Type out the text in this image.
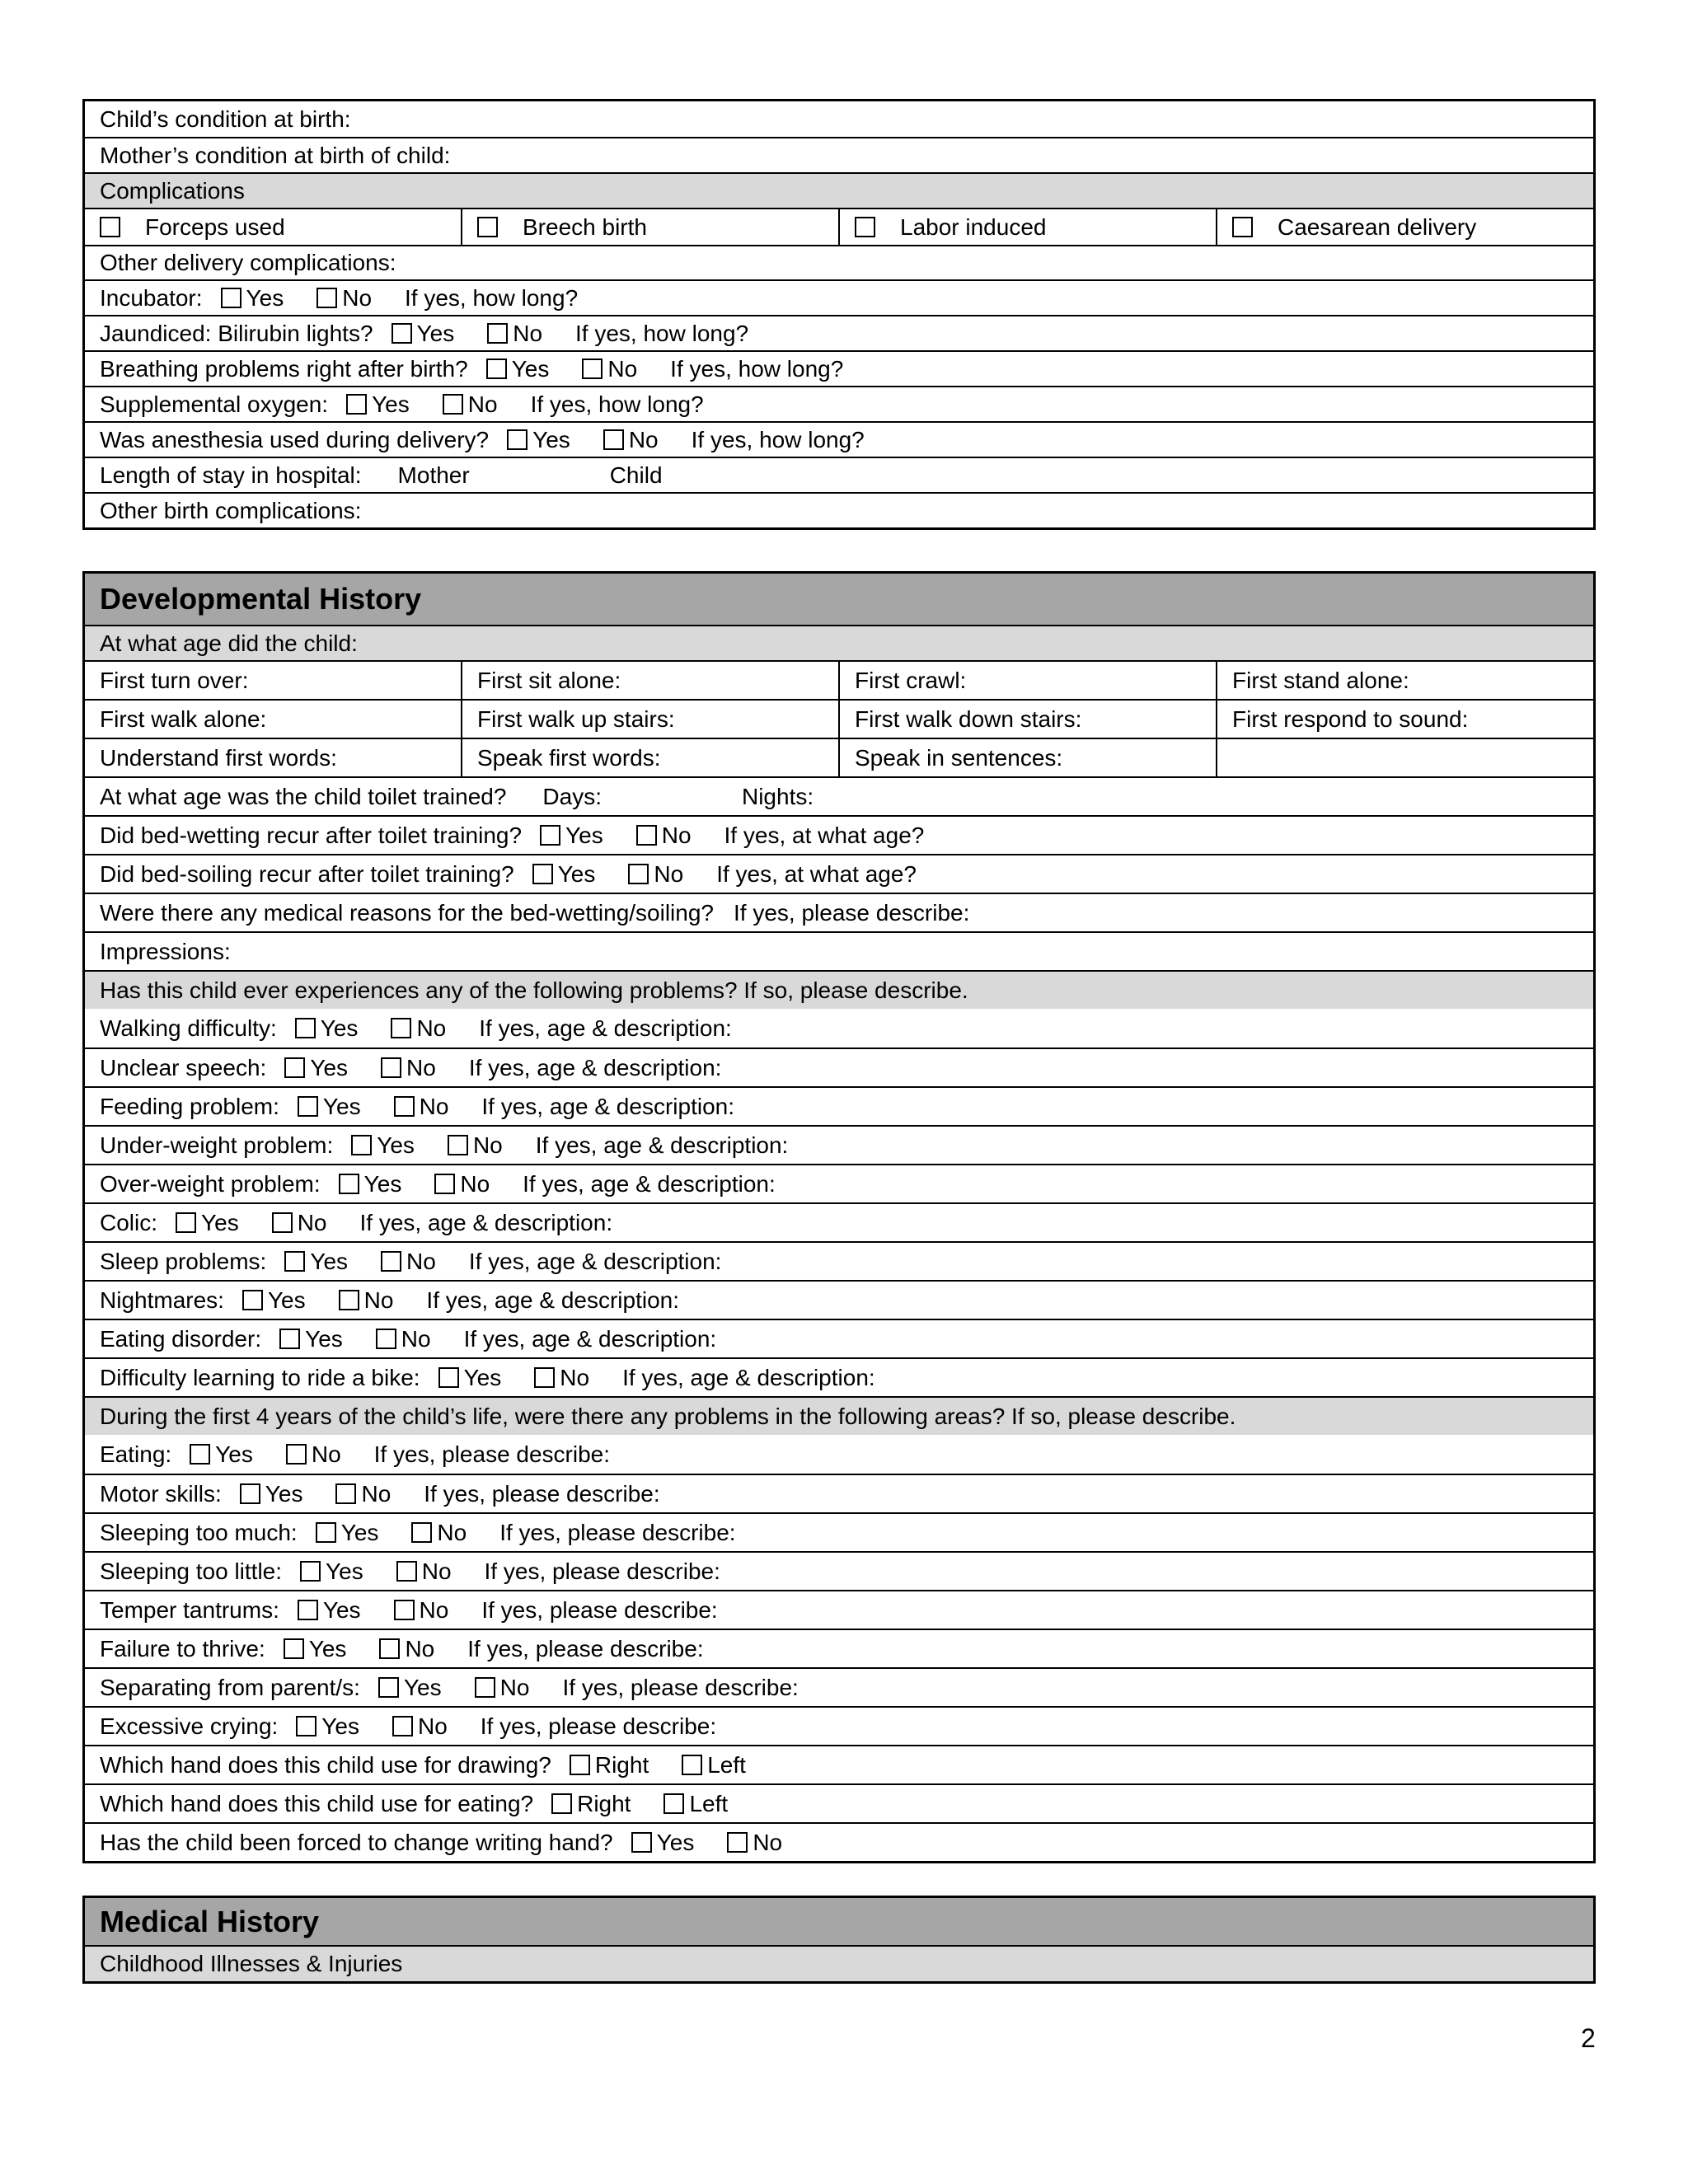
Child’s condition at birth:
Mother’s condition at birth of child:
Complications
Forceps used	Breech birth	Labor induced	Caesarean delivery
Other delivery complications:
Incubator: Yes	No If yes, how long?
Jaundiced: Bilirubin lights? Yes	No If yes, how long?
Breathing problems right after birth? Yes	No If yes, how long?
Supplemental oxygen: Yes	No If yes, how long?
Was anesthesia used during delivery? Yes	No If yes, how long?
Length of stay in hospital: Mother	Child
Other birth complications:
Developmental History
At what age did the child:
First turn over:	First sit alone:	First crawl:	First stand alone:
First walk alone:	First walk up stairs:	First walk down stairs:	First respond to sound:
Understand first words:	Speak first words:	Speak in sentences:
At what age was the child toilet trained? Days:	Nights:
Did bed-wetting recur after toilet training? Yes	No If yes, at what age?
Did bed-soiling recur after toilet training? Yes	No If yes, at what age?
Were there any medical reasons for the bed-wetting/soiling? If yes, please describe:
Impressions:
Has this child ever experiences any of the following problems? If so, please describe.
Walking difficulty: Yes	No If yes, age & description:
Unclear speech: Yes	No If yes, age & description:
Feeding problem: Yes	No If yes, age & description:
Under-weight problem: Yes	No If yes, age & description:
Over-weight problem: Yes	No If yes, age & description:
Colic: Yes	No If yes, age & description:
Sleep problems: Yes	No If yes, age & description:
Nightmares: Yes	No If yes, age & description:
Eating disorder: Yes	No If yes, age & description:
Difficulty learning to ride a bike: Yes	No If yes, age & description:
During the first 4 years of the child’s life, were there any problems in the following areas? If so, please describe.
Eating: Yes	No If yes, please describe:
Motor skills: Yes	No If yes, please describe:
Sleeping too much: Yes	No If yes, please describe:
Sleeping too little: Yes	No If yes, please describe:
Temper tantrums: Yes	No If yes, please describe:
Failure to thrive: Yes	No If yes, please describe:
Separating from parent/s: Yes	No If yes, please describe:
Excessive crying: Yes	No If yes, please describe:
Which hand does this child use for drawing? Right	Left
Which hand does this child use for eating? Right	Left
Has the child been forced to change writing hand? Yes	No
Medical History
Childhood Illnesses & Injuries
2
